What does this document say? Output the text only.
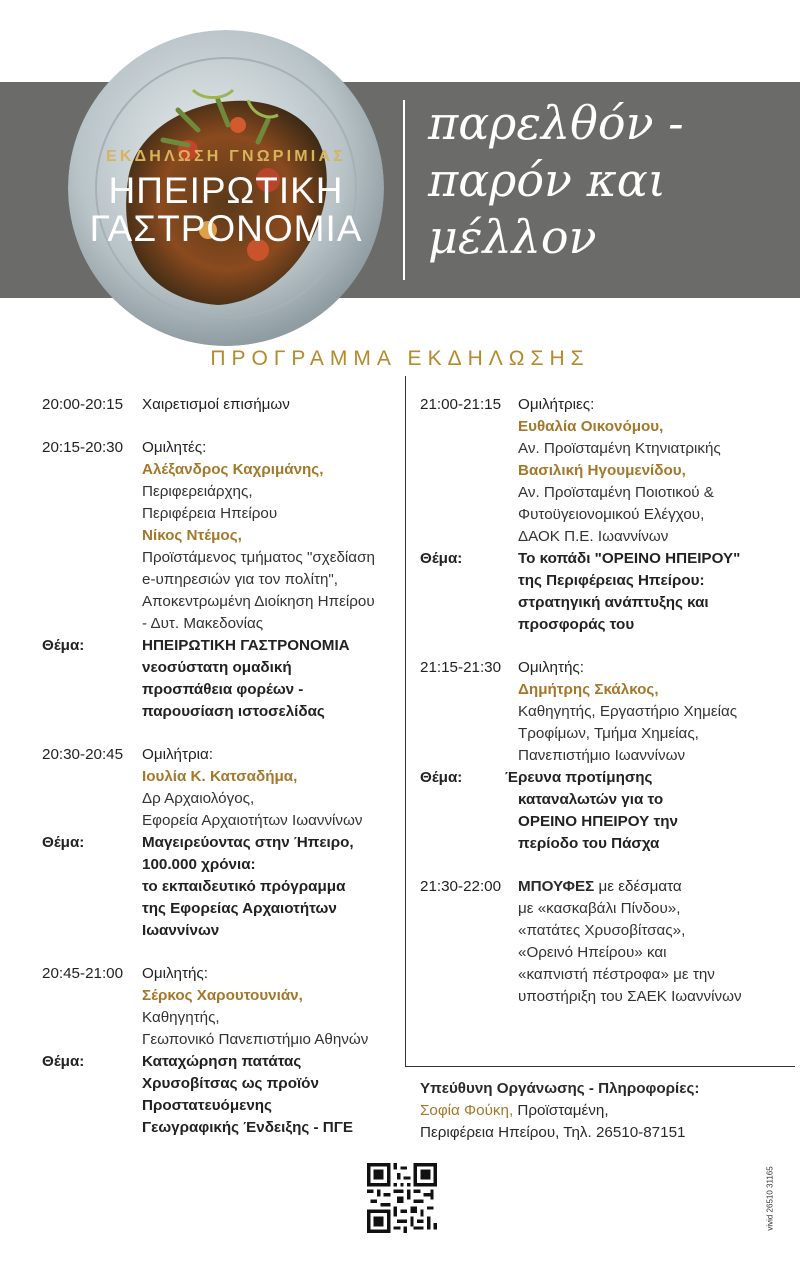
ΕΚΔΗΛΩΣΗ ΓΝΩΡΙΜΙΑΣ
ΗΠΕΙΡΩΤΙΚΗ
ΓΑΣΤΡΟΝΟΜΙΑ
παρελθόν -
παρόν και
μέλλον
ΠΡΟΓΡΑΜΜΑ ΕΚΔΗΛΩΣΗΣ
20:00-20:15	Χαιρετισμοί επισήμων
20:15-20:30	Ομιλητές:
Αλέξανδρος Καχριμάνης,
Περιφερειάρχης,
Περιφέρεια Ηπείρου
Νίκος Ντέμος,
Προϊστάμενος τμήματος "σχεδίαση
e-υπηρεσιών για τον πολίτη",
Αποκεντρωμένη Διοίκηση Ηπείρου
- Δυτ. Μακεδονίας
Θέμα:	ΗΠΕΙΡΩΤΙΚΗ ΓΑΣΤΡΟΝΟΜΙΑ
νεοσύστατη ομαδική
προσπάθεια φορέων -
παρουσίαση ιστοσελίδας
20:30-20:45	Ομιλήτρια:
Ιουλία Κ. Κατσαδήμα,
Δρ Αρχαιολόγος,
Εφορεία Αρχαιοτήτων Ιωαννίνων
Θέμα:	Μαγειρεύοντας στην Ήπειρο,
100.000 χρόνια:
το εκπαιδευτικό πρόγραμμα
της Εφορείας Αρχαιοτήτων
Ιωαννίνων
20:45-21:00	Ομιλητής:
Σέρκος Χαρουτουνιάν,
Καθηγητής,
Γεωπονικό Πανεπιστήμιο Αθηνών
Θέμα:	Καταχώρηση πατάτας
Χρυσοβίτσας ως προϊόν
Προστατευόμενης
Γεωγραφικής Ένδειξης - ΠΓΕ
21:00-21:15	Ομιλήτριες:
Ευθαλία Οικονόμου,
Αν. Προϊσταμένη Κτηνιατρικής
Βασιλική Ηγουμενίδου,
Αν. Προϊσταμένη Ποιοτικού &
Φυτοϋγειονομικού Ελέγχου,
ΔΑΟΚ Π.Ε. Ιωαννίνων
Θέμα:	Το κοπάδι "ΟΡΕΙΝΟ ΗΠΕΙΡΟΥ"
της Περιφέρειας Ηπείρου:
στρατηγική ανάπτυξης και
προσφοράς του
21:15-21:30	Ομιλητής:
Δημήτρης Σκάλκος,
Καθηγητής, Εργαστήριο Χημείας
Τροφίμων, Τμήμα Χημείας,
Πανεπιστήμιο Ιωαννίνων
Θέμα:	Έρευνα προτίμησης
καταναλωτών για το
ΟΡΕΙΝΟ ΗΠΕΙΡΟΥ την
περίοδο του Πάσχα
21:30-22:00	ΜΠΟΥΦΕΣ με εδέσματα
με «κασκαβάλι Πίνδου»,
«πατάτες Χρυσοβίτσας»,
«Ορεινό Ηπείρου» και
«καπνιστή πέστροφα» με την
υποστήριξη του ΣΑΕΚ Ιωαννίνων
Υπεύθυνη Οργάνωσης - Πληροφορίες:
Σοφία Φούκη, Προϊσταμένη,
Περιφέρεια Ηπείρου, Τηλ. 26510-87151
vivid 26510 31165
